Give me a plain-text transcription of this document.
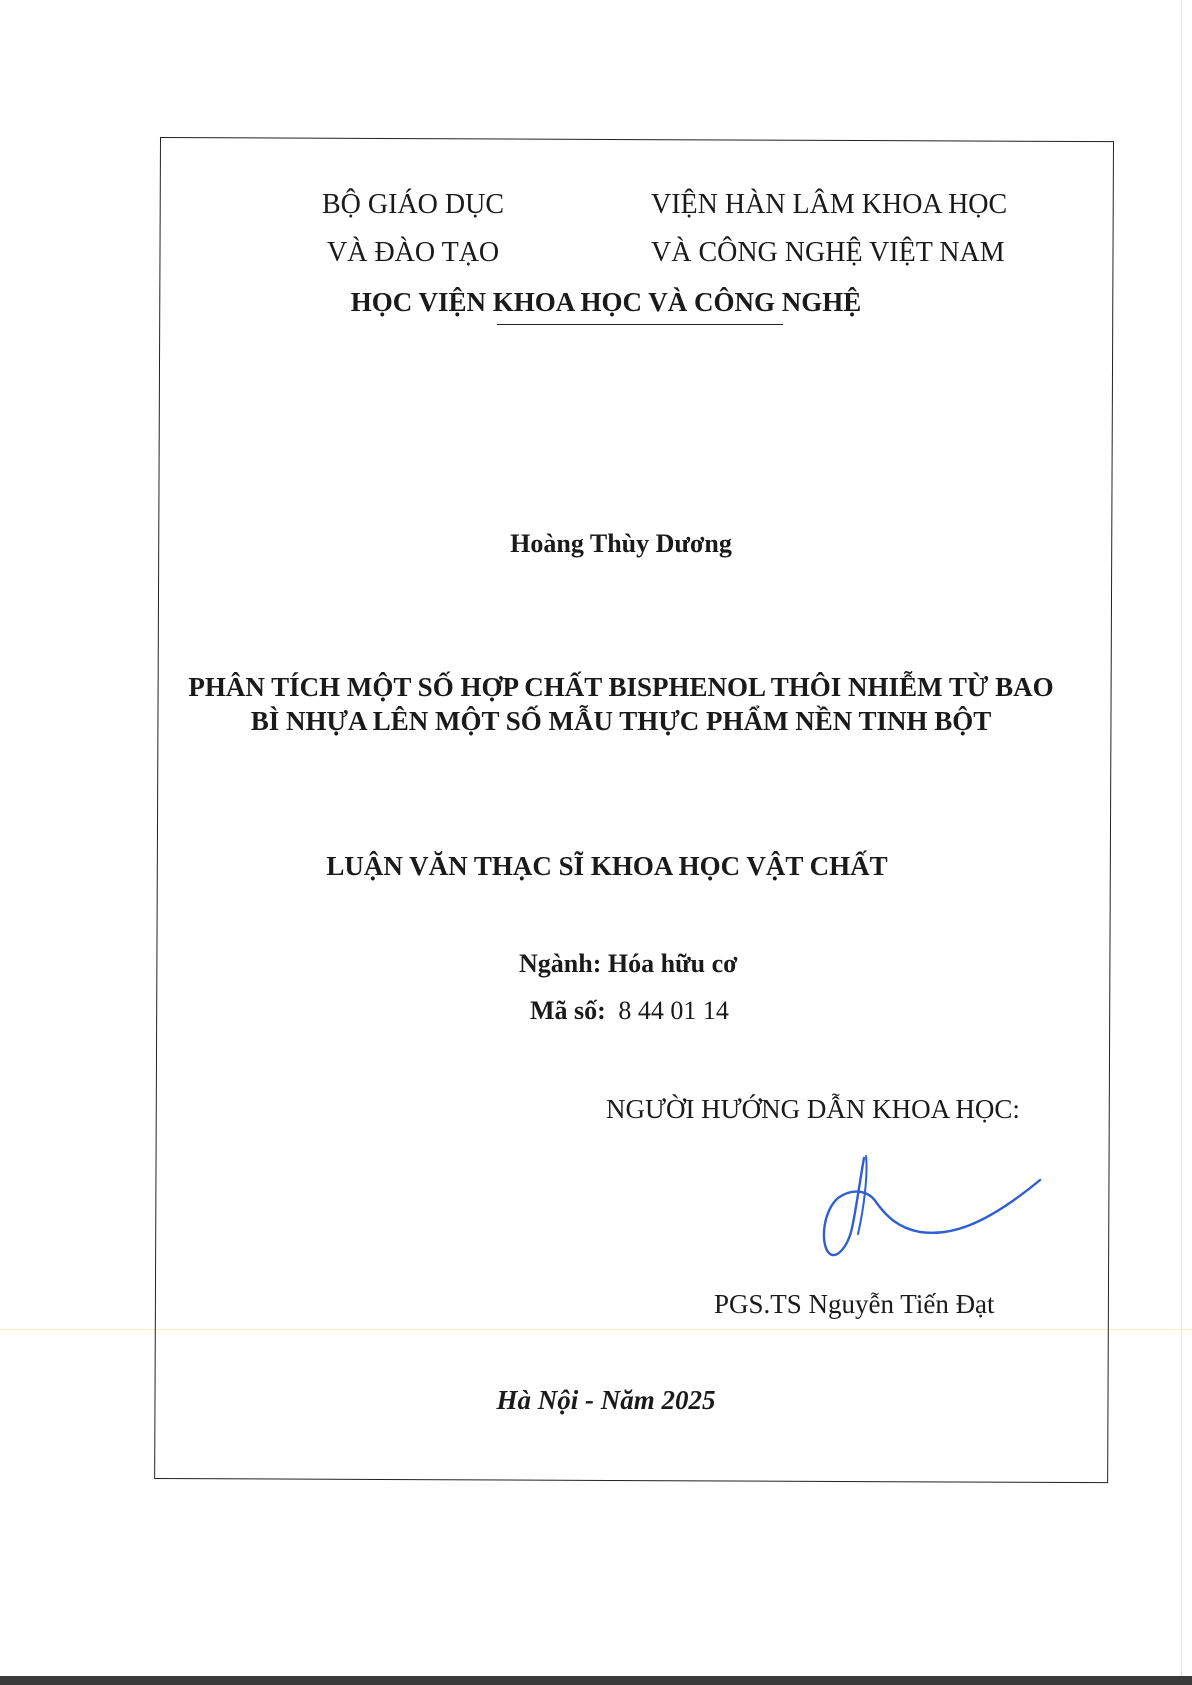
BỘ GIÁO DỤC
VÀ ĐÀO TẠO
VIỆN HÀN LÂM KHOA HỌC
VÀ CÔNG NGHỆ VIỆT NAM
HỌC VIỆN KHOA HỌC VÀ CÔNG NGHỆ
Hoàng Thùy Dương
PHÂN TÍCH MỘT SỐ HỢP CHẤT BISPHENOL THÔI NHIỄM TỪ BAO
BÌ NHỰA LÊN MỘT SỐ MẪU THỰC PHẨM NỀN TINH BỘT
LUẬN VĂN THẠC SĨ KHOA HỌC VẬT CHẤT
Ngành: Hóa hữu cơ
Mã số: 8 44 01 14
NGƯỜI HƯỚNG DẪN KHOA HỌC:
PGS.TS Nguyễn Tiến Đạt
Hà Nội - Năm 2025
